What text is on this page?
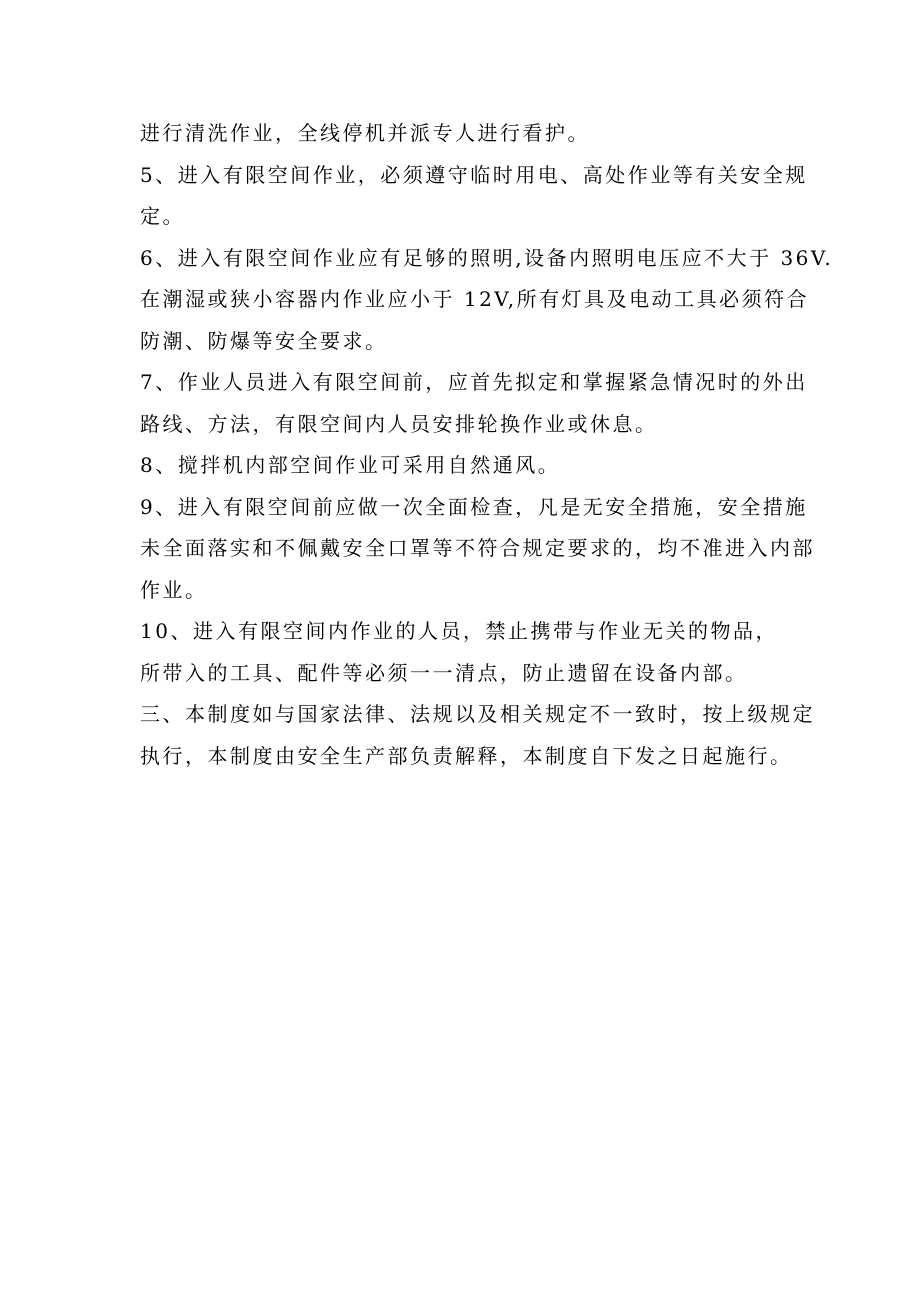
进行清洗作业，全线停机并派专人进行看护。
5、进入有限空间作业，必须遵守临时用电、高处作业等有关安全规
定。
6、进入有限空间作业应有足够的照明,设备内照明电压应不大于 36V.
在潮湿或狭小容器内作业应小于 12V,所有灯具及电动工具必须符合
防潮、防爆等安全要求。
7、作业人员进入有限空间前，应首先拟定和掌握紧急情况时的外出
路线、方法，有限空间内人员安排轮换作业或休息。
8、搅拌机内部空间作业可采用自然通风。
9、进入有限空间前应做一次全面检查，凡是无安全措施，安全措施
未全面落实和不佩戴安全口罩等不符合规定要求的，均不准进入内部
作业。
10、进入有限空间内作业的人员，禁止携带与作业无关的物品，
所带入的工具、配件等必须一一清点，防止遗留在设备内部。
三、本制度如与国家法律、法规以及相关规定不一致时，按上级规定
执行，本制度由安全生产部负责解释，本制度自下发之日起施行。
